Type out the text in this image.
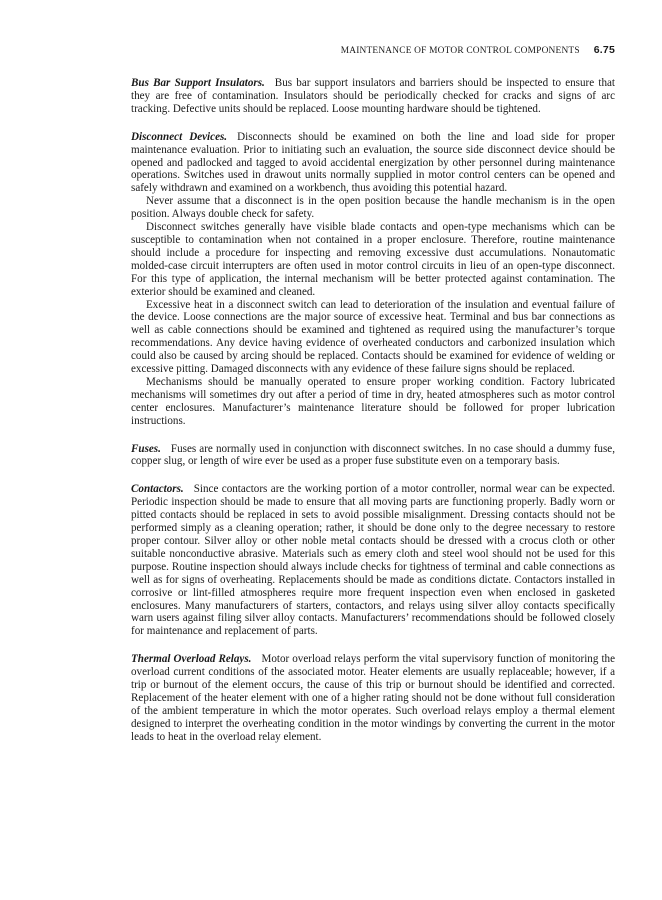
MAINTENANCE OF MOTOR CONTROL COMPONENTS 6.75

Bus Bar Support Insulators. Bus bar support insulators and barriers should be inspected to ensure that they are free of contamination. Insulators should be periodically checked for cracks and signs of arc tracking. Defective units should be replaced. Loose mounting hardware should be tightened.

Disconnect Devices. Disconnects should be examined on both the line and load side for proper maintenance evaluation. Prior to initiating such an evaluation, the source side disconnect device should be opened and padlocked and tagged to avoid accidental energization by other personnel during maintenance operations. Switches used in drawout units normally supplied in motor control centers can be opened and safely withdrawn and examined on a workbench, thus avoiding this potential hazard.

Never assume that a disconnect is in the open position because the handle mechanism is in the open position. Always double check for safety.

Disconnect switches generally have visible blade contacts and open-type mechanisms which can be susceptible to contamination when not contained in a proper enclosure. Therefore, routine maintenance should include a procedure for inspecting and removing excessive dust accumulations. Nonautomatic molded-case circuit interrupters are often used in motor control circuits in lieu of an open-type disconnect. For this type of application, the internal mechanism will be better protected against contamination. The exterior should be examined and cleaned.

Excessive heat in a disconnect switch can lead to deterioration of the insulation and eventual failure of the device. Loose connections are the major source of excessive heat. Terminal and bus bar connections as well as cable connections should be examined and tightened as required using the manufacturer’s torque recommendations. Any device having evidence of overheated conductors and carbonized insulation which could also be caused by arcing should be replaced. Contacts should be examined for evidence of welding or excessive pitting. Damaged disconnects with any evidence of these failure signs should be replaced.

Mechanisms should be manually operated to ensure proper working condition. Factory lubricated mechanisms will sometimes dry out after a period of time in dry, heated atmospheres such as motor control center enclosures. Manufacturer’s maintenance literature should be followed for proper lubrication instructions.

Fuses. Fuses are normally used in conjunction with disconnect switches. In no case should a dummy fuse, copper slug, or length of wire ever be used as a proper fuse substitute even on a temporary basis.

Contactors. Since contactors are the working portion of a motor controller, normal wear can be expected. Periodic inspection should be made to ensure that all moving parts are functioning properly. Badly worn or pitted contacts should be replaced in sets to avoid possible misalignment. Dressing contacts should not be performed simply as a cleaning operation; rather, it should be done only to the degree necessary to restore proper contour. Silver alloy or other noble metal contacts should be dressed with a crocus cloth or other suitable nonconductive abrasive. Materials such as emery cloth and steel wool should not be used for this purpose. Routine inspection should always include checks for tightness of terminal and cable connections as well as for signs of overheating. Replacements should be made as conditions dictate. Contactors installed in corrosive or lint-filled atmospheres require more frequent inspection even when enclosed in gasketed enclosures. Many manufacturers of starters, contactors, and relays using silver alloy contacts specifically warn users against filing silver alloy contacts. Manufacturers’ recommendations should be followed closely for maintenance and replacement of parts.

Thermal Overload Relays. Motor overload relays perform the vital supervisory function of monitoring the overload current conditions of the associated motor. Heater elements are usually replaceable; however, if a trip or burnout of the element occurs, the cause of this trip or burnout should be identified and corrected. Replacement of the heater element with one of a higher rating should not be done without full consideration of the ambient temperature in which the motor operates. Such overload relays employ a thermal element designed to interpret the overheating condition in the motor windings by converting the current in the motor leads to heat in the overload relay element.
